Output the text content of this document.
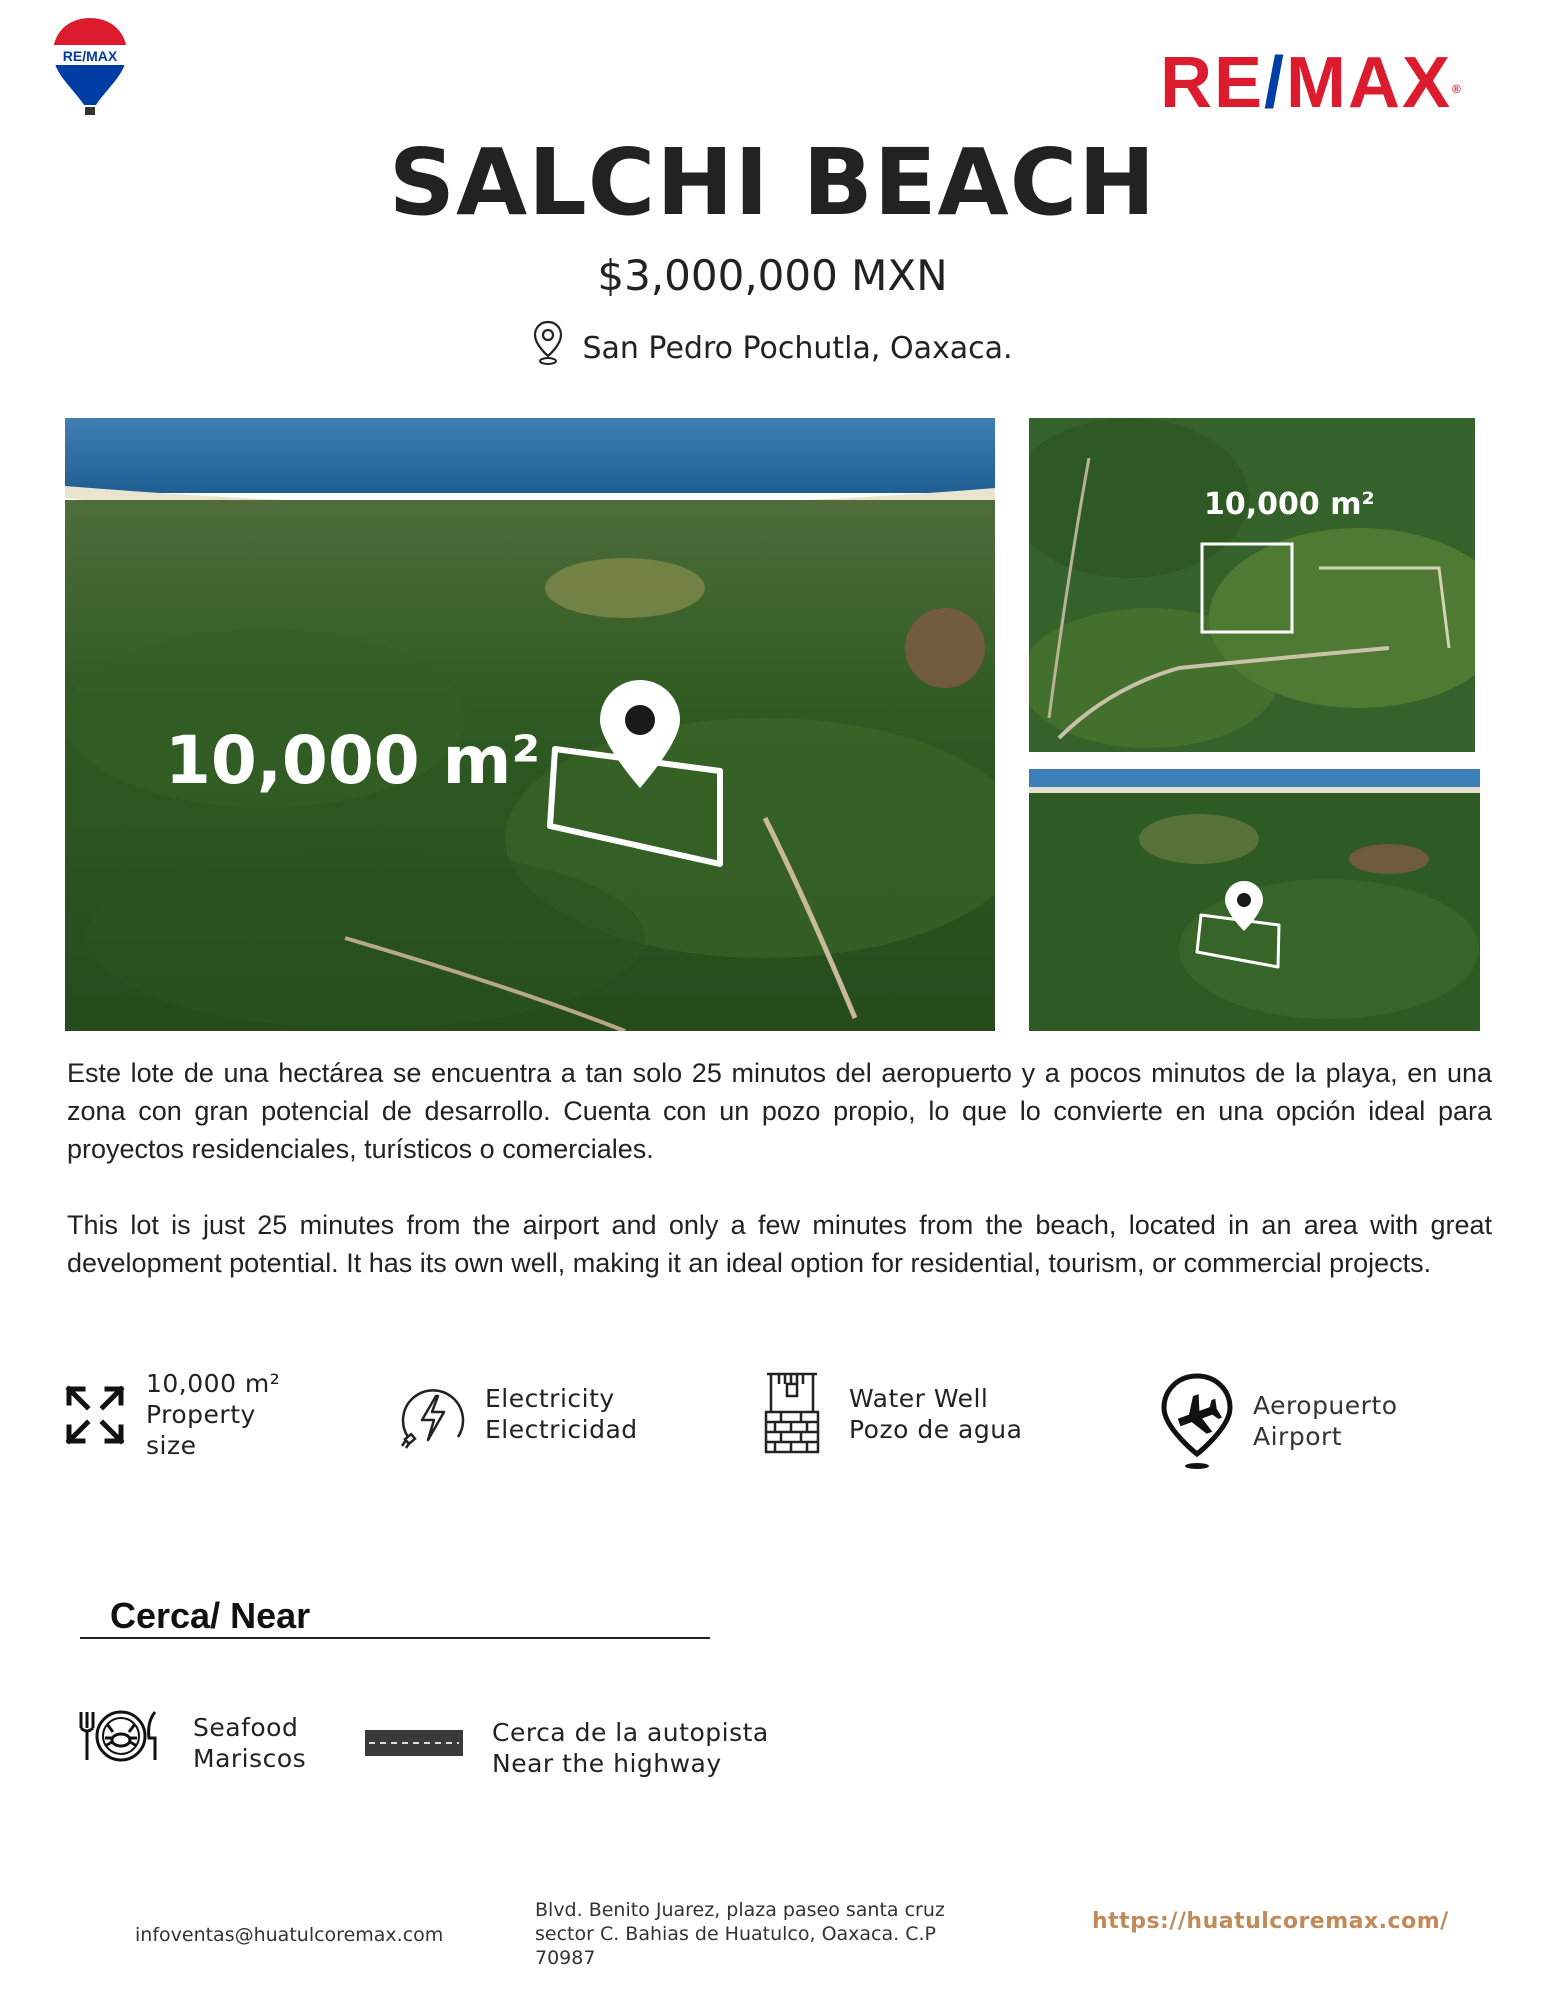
RE/MAX	RE/MAX®
SALCHI BEACH
$3,000,000 MXN
San Pedro Pochutla, Oaxaca.
10,000 m²
10,000 m²
Este lote de una hectárea se encuentra a tan solo 25 minutos del aeropuerto y a pocos minutos de la playa, en una zona con gran potencial de desarrollo. Cuenta con un pozo propio, lo que lo convierte en una opción ideal para proyectos residenciales, turísticos o comerciales.
This lot is just 25 minutes from the airport and only a few minutes from the beach, located in an area with great development potential. It has its own well, making it an ideal option for residential, tourism, or commercial projects.
10,000 m²
Property
size
Electricity
Electricidad
Water Well
Pozo de agua
Aeropuerto
Airport
Cerca/ Near
Seafood
Mariscos
Cerca de la autopista
Near the highway
infoventas@huatulcoremax.com
Blvd. Benito Juarez, plaza paseo santa cruz sector C. Bahias de Huatulco, Oaxaca. C.P 70987
https://huatulcoremax.com/
